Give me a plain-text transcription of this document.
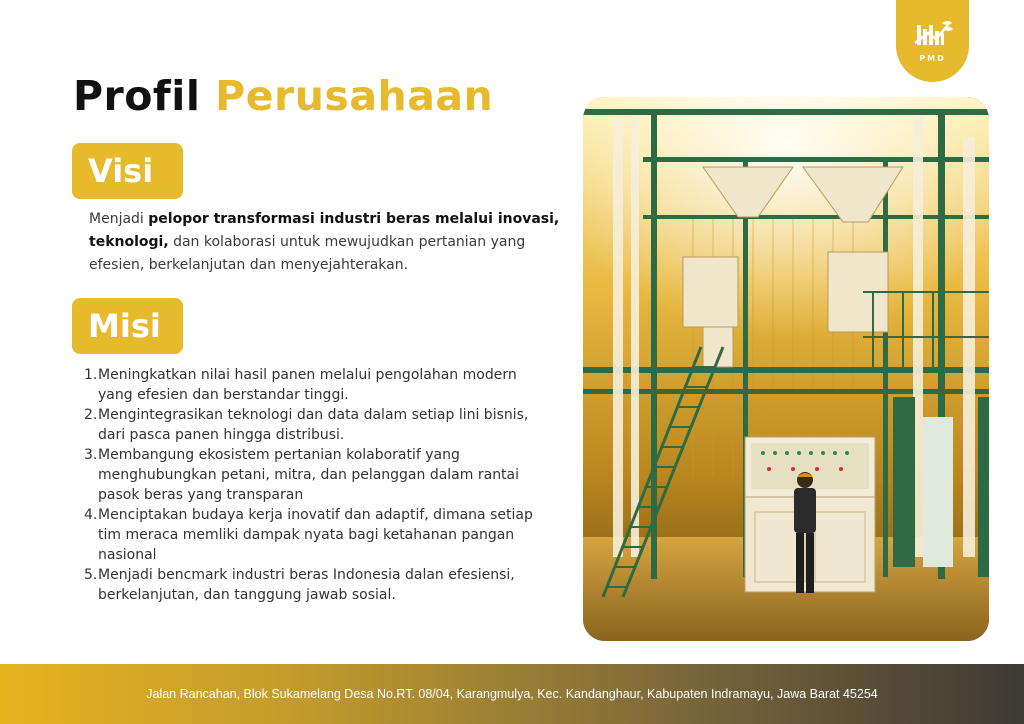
PMD
Profil Perusahaan
Visi

Menjadi pelopor transformasi industri beras melalui inovasi, teknologi, dan kolaborasi untuk mewujudkan pertanian yang efesien, berkelanjutan dan menyejahterakan.

Misi
1. Meningkatkan nilai hasil panen melalui pengolahan modern yang efesien dan berstandar tinggi.
2. Mengintegrasikan teknologi dan data dalam setiap lini bisnis, dari pasca panen hingga distribusi.
3. Membangung ekosistem pertanian kolaboratif yang menghubungkan petani, mitra, dan pelanggan dalam rantai pasok beras yang transparan
4. Menciptakan budaya kerja inovatif dan adaptif, dimana setiap tim meraca memliki dampak nyata bagi ketahanan pangan nasional
5. Menjadi bencmark industri beras Indonesia dalan efesiensi, berkelanjutan, dan tanggung jawab sosial.
Jalan Rancahan, Blok Sukamelang Desa No.RT. 08/04, Karangmulya, Kec. Kandanghaur, Kabupaten Indramayu, Jawa Barat 45254
